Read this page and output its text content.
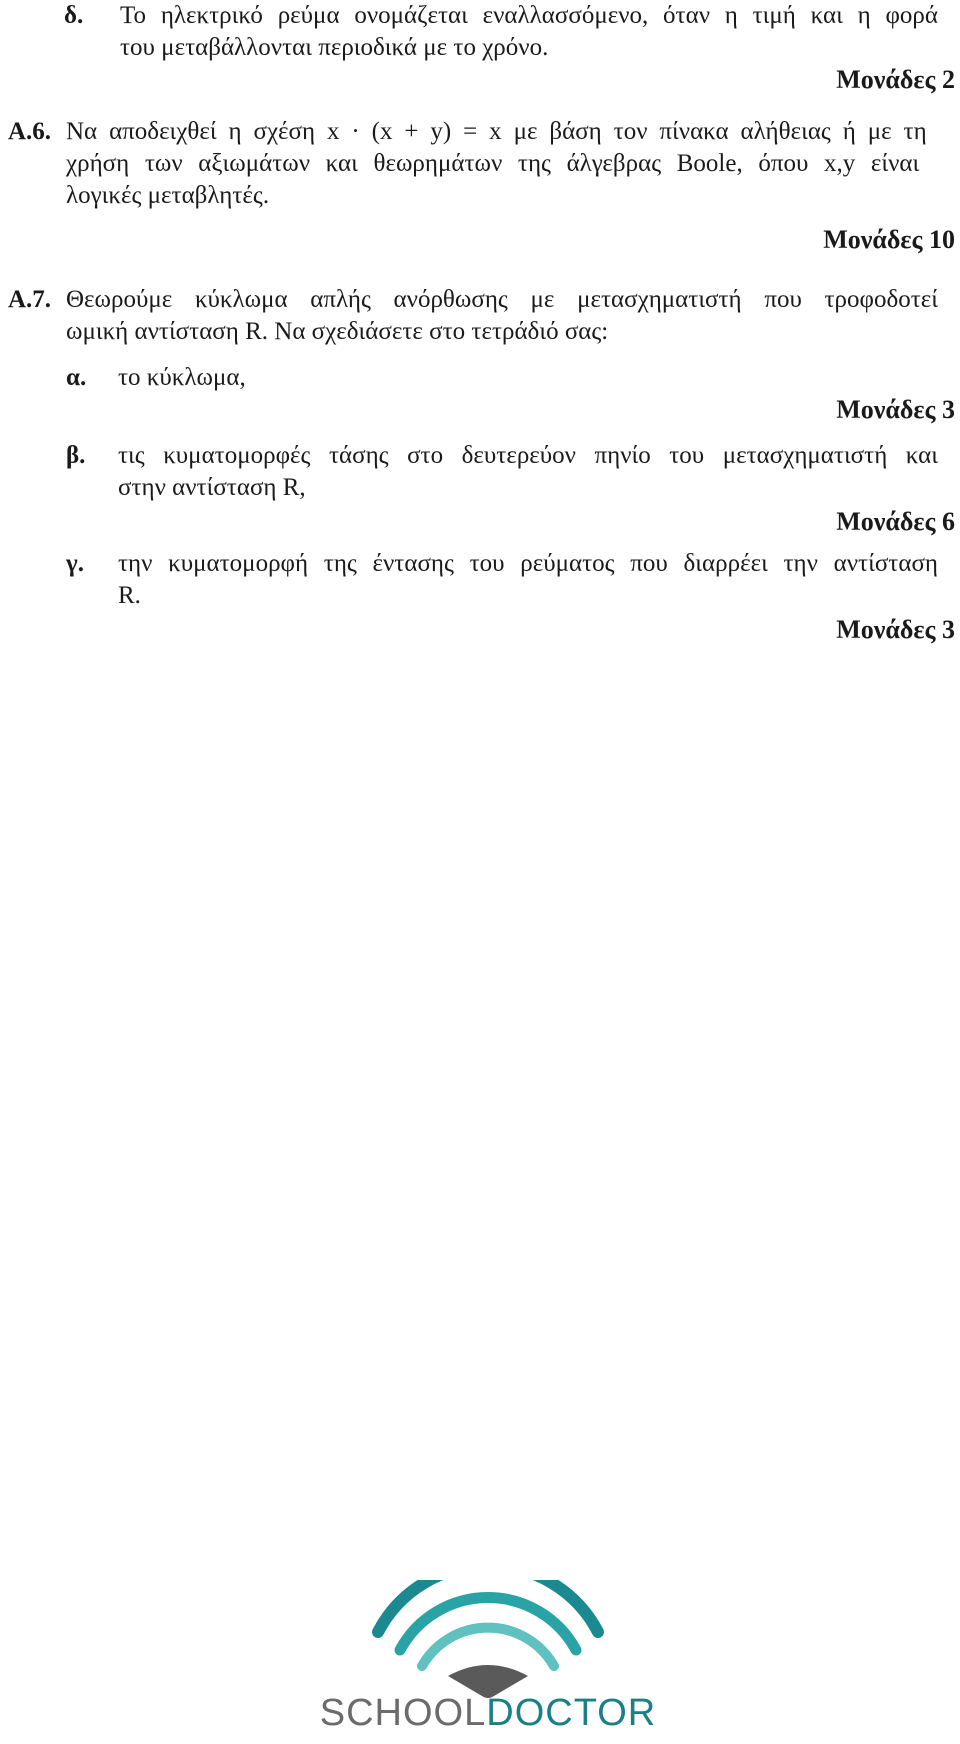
δ. Το ηλεκτρικό ρεύμα ονομάζεται εναλλασσόμενο, όταν η τιμή και η φορά
του μεταβάλλονται περιοδικά με το χρόνο.
Μονάδες 2
Α.6. Να αποδειχθεί η σχέση x · (x + y) = x με βάση τον πίνακα αλήθειας ή με τη
χρήση των αξιωμάτων και θεωρημάτων της άλγεβρας Boole, όπου x,y είναι
λογικές μεταβλητές.
Μονάδες 10
Α.7. Θεωρούμε κύκλωμα απλής ανόρθωσης με μετασχηματιστή που τροφοδοτεί
ωμική αντίσταση R. Να σχεδιάσετε στο τετράδιό σας:
α. το κύκλωμα,
Μονάδες 3
β. τις κυματομορφές τάσης στο δευτερεύον πηνίο του μετασχηματιστή και
στην αντίσταση R,
Μονάδες 6
γ. την κυματομορφή της έντασης του ρεύματος που διαρρέει την αντίσταση
R.
Μονάδες 3
SCHOOLDOCTOR
